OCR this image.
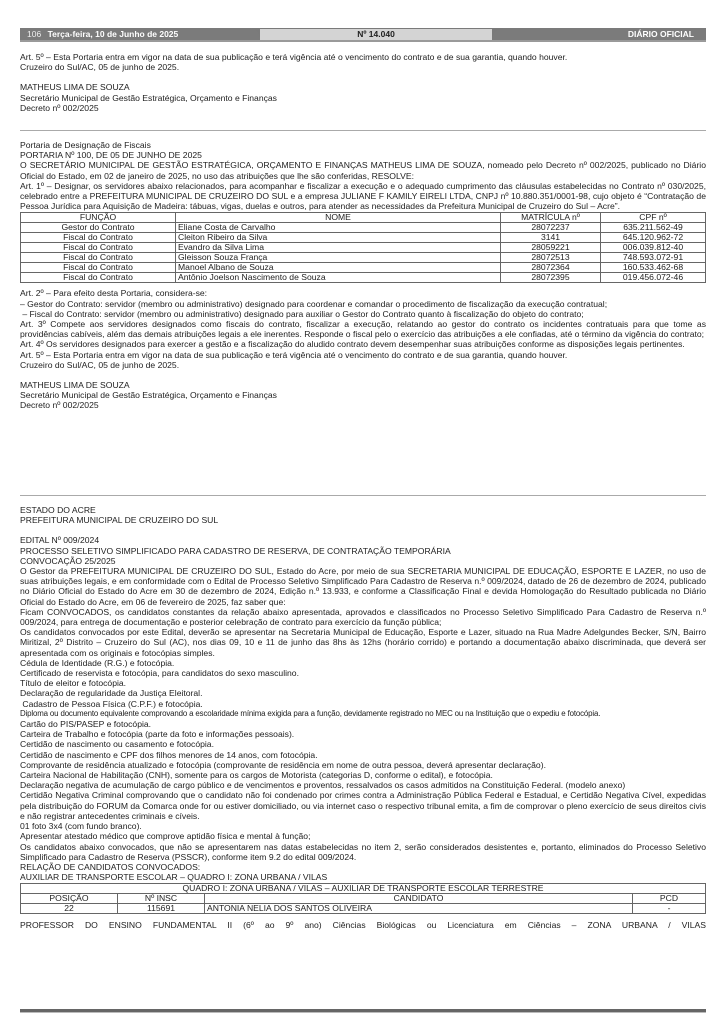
106 Terça-feira, 10 de Junho de 2025	Nº 14.040	DIÁRIO OFICIAL

Art. 5º – Esta Portaria entra em vigor na data de sua publicação e terá vigência até o vencimento do contrato e de sua garantia, quando houver.

Cruzeiro do Sul/AC, 05 de junho de 2025.

MATHEUS LIMA DE SOUZA

Secretário Municipal de Gestão Estratégica, Orçamento e Finanças

Decreto nº 002/2025

Portaria de Designação de Fiscais

PORTARIA Nº 100, DE 05 DE JUNHO DE 2025

O SECRETÁRIO MUNICIPAL DE GESTÃO ESTRATÉGICA, ORÇAMENTO E FINANÇAS MATHEUS LIMA DE SOUZA, nomeado pelo Decreto nº 002/2025, publicado no Diário Oficial do Estado, em 02 de janeiro de 2025, no uso das atribuições que lhe são conferidas, RESOLVE:

Art. 1º – Designar, os servidores abaixo relacionados, para acompanhar e fiscalizar a execução e o adequado cumprimento das cláusulas estabelecidas no Contrato nº 030/2025, celebrado entre a PREFEITURA MUNICIPAL DE CRUZEIRO DO SUL e a empresa JULIANE F KAMILY EIRELI LTDA, CNPJ nº 10.880.351/0001-98, cujo objeto é “Contratação de Pessoa Jurídica para Aquisição de Madeira: tábuas, vigas, duelas e outros, para atender as necessidades da Prefeitura Municipal de Cruzeiro do Sul – Acre”.

FUNÇÃO	NOME	MATRÍCULA nº	CPF nº
Gestor do Contrato	Eliane Costa de Carvalho	28072237	635.211.562-49
Fiscal do Contrato	Cleiton Ribeiro da Silva	3141	645.120.962-72
Fiscal do Contrato	Evandro da Silva Lima	28059221	006.039.812-40
Fiscal do Contrato	Gleisson Souza França	28072513	748.593.072-91
Fiscal do Contrato	Manoel Albano de Souza	28072364	160.533.462-68
Fiscal do Contrato	Antônio Joelson Nascimento de Souza	28072395	019.456.072-46

Art. 2º – Para efeito desta Portaria, considera-se:

– Gestor do Contrato: servidor (membro ou administrativo) designado para coordenar e comandar o procedimento de fiscalização da execução contratual;

– Fiscal do Contrato: servidor (membro ou administrativo) designado para auxiliar o Gestor do Contrato quanto à fiscalização do objeto do contrato;

Art. 3º Compete aos servidores designados como fiscais do contrato, fiscalizar a execução, relatando ao gestor do contrato os incidentes contratuais para que tome as providências cabíveis, além das demais atribuições legais a ele inerentes. Responde o fiscal pelo o exercício das atribuições a ele confiadas, até o término da vigência do contrato;

Art. 4º Os servidores designados para exercer a gestão e a fiscalização do aludido contrato devem desempenhar suas atribuições conforme as disposições legais pertinentes.

Art. 5º – Esta Portaria entra em vigor na data de sua publicação e terá vigência até o vencimento do contrato e de sua garantia, quando houver.

Cruzeiro do Sul/AC, 05 de junho de 2025.

MATHEUS LIMA DE SOUZA

Secretário Municipal de Gestão Estratégica, Orçamento e Finanças

Decreto nº 002/2025

ESTADO DO ACRE

PREFEITURA MUNICIPAL DE CRUZEIRO DO SUL

EDITAL Nº 009/2024

PROCESSO SELETIVO SIMPLIFICADO PARA CADASTRO DE RESERVA, DE CONTRATAÇÃO TEMPORÁRIA

CONVOCAÇÃO 25/2025

O Gestor da PREFEITURA MUNICIPAL DE CRUZEIRO DO SUL, Estado do Acre, por meio de sua SECRETARIA MUNICIPAL DE EDUCAÇÃO, ESPORTE E LAZER, no uso de suas atribuições legais, e em conformidade com o Edital de Processo Seletivo Simplificado Para Cadastro de Reserva n.º 009/2024, datado de 26 de dezembro de 2024, publicado no Diário Oficial do Estado do Acre em 30 de dezembro de 2024, Edição n.º 13.933, e conforme a Classificação Final e devida Homologação do Resultado publicada no Diário Oficial do Estado do Acre, em 06 de fevereiro de 2025, faz saber que:

Ficam CONVOCADOS, os candidatos constantes da relação abaixo apresentada, aprovados e classificados no Processo Seletivo Simplificado Para Cadastro de Reserva n.º 009/2024, para entrega de documentação e posterior celebração de contrato para exercício da função pública;

Os candidatos convocados por este Edital, deverão se apresentar na Secretaria Municipal de Educação, Esporte e Lazer, situado na Rua Madre Adelgundes Becker, S/N, Bairro Miritizal, 2º Distrito – Cruzeiro do Sul (AC), nos dias 09, 10 e 11 de junho das 8hs às 12hs (horário corrido) e portando a documentação abaixo discriminada, que deverá ser apresentada com os originais e fotocópias simples.

Cédula de Identidade (R.G.) e fotocópia.

Certificado de reservista e fotocópia, para candidatos do sexo masculino.

Título de eleitor e fotocópia.

Declaração de regularidade da Justiça Eleitoral.

Cadastro de Pessoa Física (C.P.F.) e fotocópia.

Diploma ou documento equivalente comprovando a escolaridade mínima exigida para a função, devidamente registrado no MEC ou na Instituição que o expediu e fotocópia.

Cartão do PIS/PASEP e fotocópia.

Carteira de Trabalho e fotocópia (parte da foto e informações pessoais).

Certidão de nascimento ou casamento e fotocópia.

Certidão de nascimento e CPF dos filhos menores de 14 anos, com fotocópia.

Comprovante de residência atualizado e fotocópia (comprovante de residência em nome de outra pessoa, deverá apresentar declaração).

Carteira Nacional de Habilitação (CNH), somente para os cargos de Motorista (categorias D, conforme o edital), e fotocópia.

Declaração negativa de acumulação de cargo público e de vencimentos e proventos, ressalvados os casos admitidos na Constituição Federal. (modelo anexo)

Certidão Negativa Criminal comprovando que o candidato não foi condenado por crimes contra a Administração Pública Federal e Estadual, e Certidão Negativa Cível, expedidas pela distribuição do FORUM da Comarca onde for ou estiver domiciliado, ou via internet caso o respectivo tribunal emita, a fim de comprovar o pleno exercício de seus direitos civis e não registrar antecedentes criminais e cíveis.

01 foto 3x4 (com fundo branco).

Apresentar atestado médico que comprove aptidão física e mental à função;

Os candidatos abaixo convocados, que não se apresentarem nas datas estabelecidas no item 2, serão considerados desistentes e, portanto, eliminados do Processo Seletivo Simplificado para Cadastro de Reserva (PSSCR), conforme item 9.2 do edital 009/2024.

RELAÇÃO DE CANDIDATOS CONVOCADOS:

AUXILIAR DE TRANSPORTE ESCOLAR – QUADRO I: ZONA URBANA / VILAS

QUADRO I: ZONA URBANA / VILAS – AUXILIAR DE TRANSPORTE ESCOLAR TERRESTRE			
POSIÇÃO	Nº INSC	CANDIDATO	PCD
22	115691	ANTONIA NELIA DOS SANTOS OLIVEIRA	-

PROFESSOR DO ENSINO FUNDAMENTAL II (6º ao 9º ano) Ciências Biológicas ou Licenciatura em Ciências – ZONA URBANA / VILAS
